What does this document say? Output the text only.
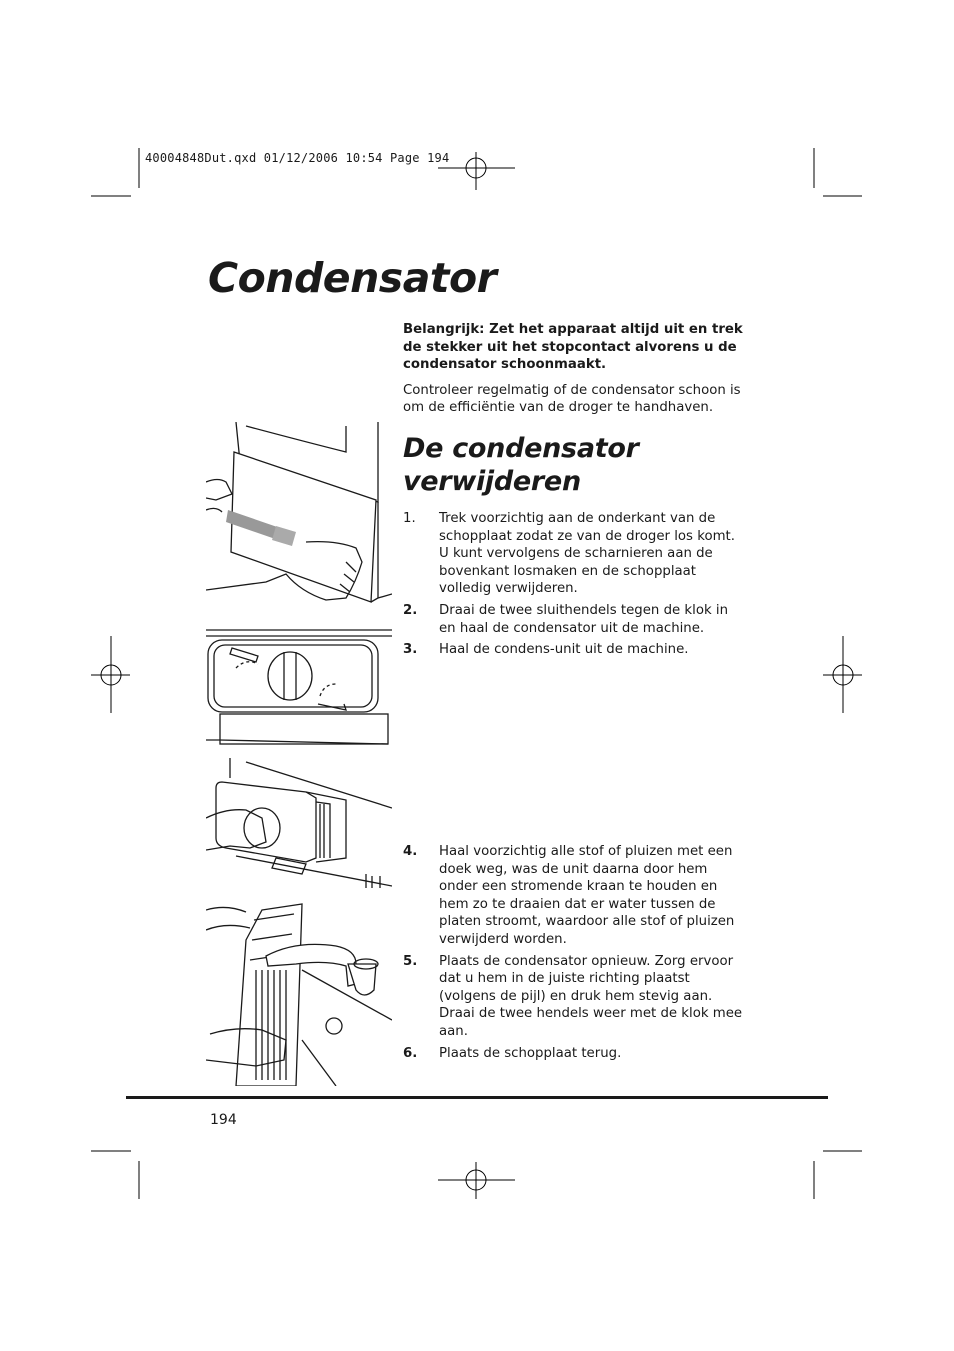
40004848Dut.qxd 01/12/2006 10:54 Page 194
Condensator

Belangrijk: Zet het apparaat altijd uit en trek de stekker uit het stopcontact alvorens u de condensator schoonmaakt.

Controleer regelmatig of de condensator schoon is om de efficiëntie van de droger te handhaven.

De condensator
verwijderen
1.	Trek voorzichtig aan de onderkant van de schopplaat zodat ze van de droger los komt. U kunt vervolgens de scharnieren aan de bovenkant losmaken en de schopplaat volledig verwijderen.
2.	Draai de twee sluithendels tegen de klok in en haal de condensator uit de machine.
3.	Haal de condens-unit uit de machine.
4.	Haal voorzichtig alle stof of pluizen met een doek weg, was de unit daarna door hem onder een stromende kraan te houden en hem zo te draaien dat er water tussen de platen stroomt, waardoor alle stof of pluizen verwijderd worden.
5.	Plaats de condensator opnieuw. Zorg ervoor dat u hem in de juiste richting plaatst (volgens de pijl) en druk hem stevig aan. Draai de twee hendels weer met de klok mee aan.
6.	Plaats de schopplaat terug.
194
